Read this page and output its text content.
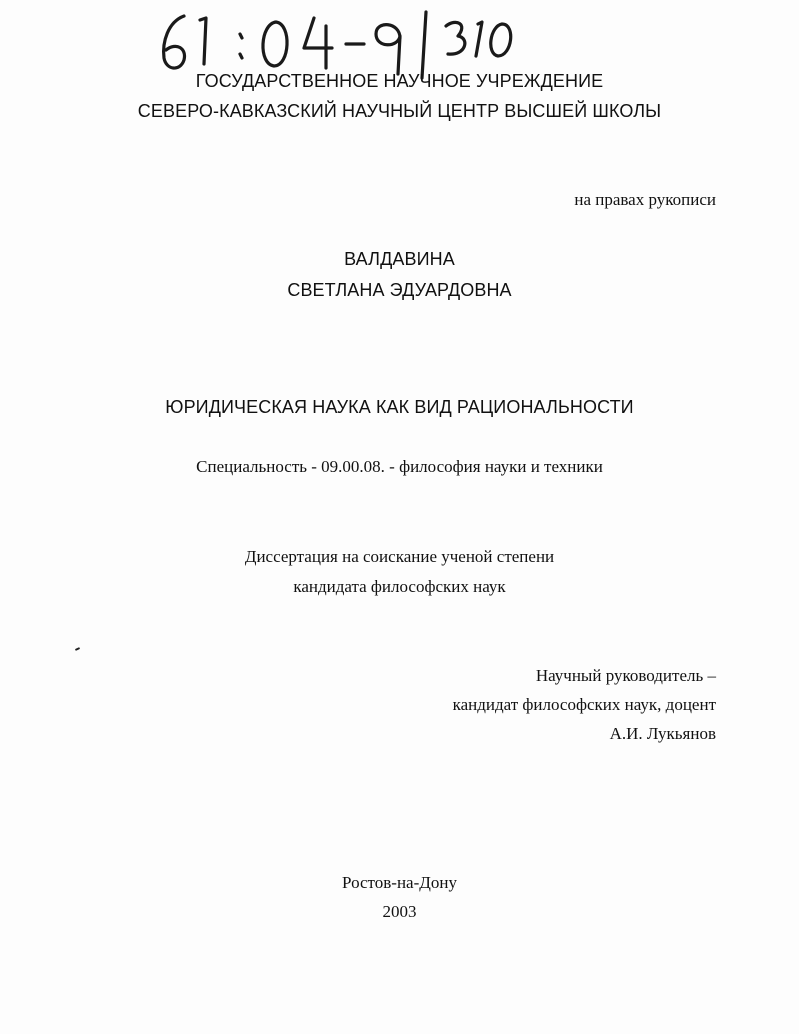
ГОСУДАРСТВЕННОЕ НАУЧНОЕ УЧРЕЖДЕНИЕ
СЕВЕРО-КАВКАЗСКИЙ НАУЧНЫЙ ЦЕНТР ВЫСШЕЙ ШКОЛЫ
на правах рукописи
ВАЛДАВИНА
СВЕТЛАНА ЭДУАРДОВНА
ЮРИДИЧЕСКАЯ НАУКА КАК ВИД РАЦИОНАЛЬНОСТИ
Специальность - 09.00.08. - философия науки и техники
Диссертация на соискание ученой степени
кандидата философских наук
Научный руководитель –
кандидат философских наук, доцент
А.И. Лукьянов
Ростов-на-Дону
2003
